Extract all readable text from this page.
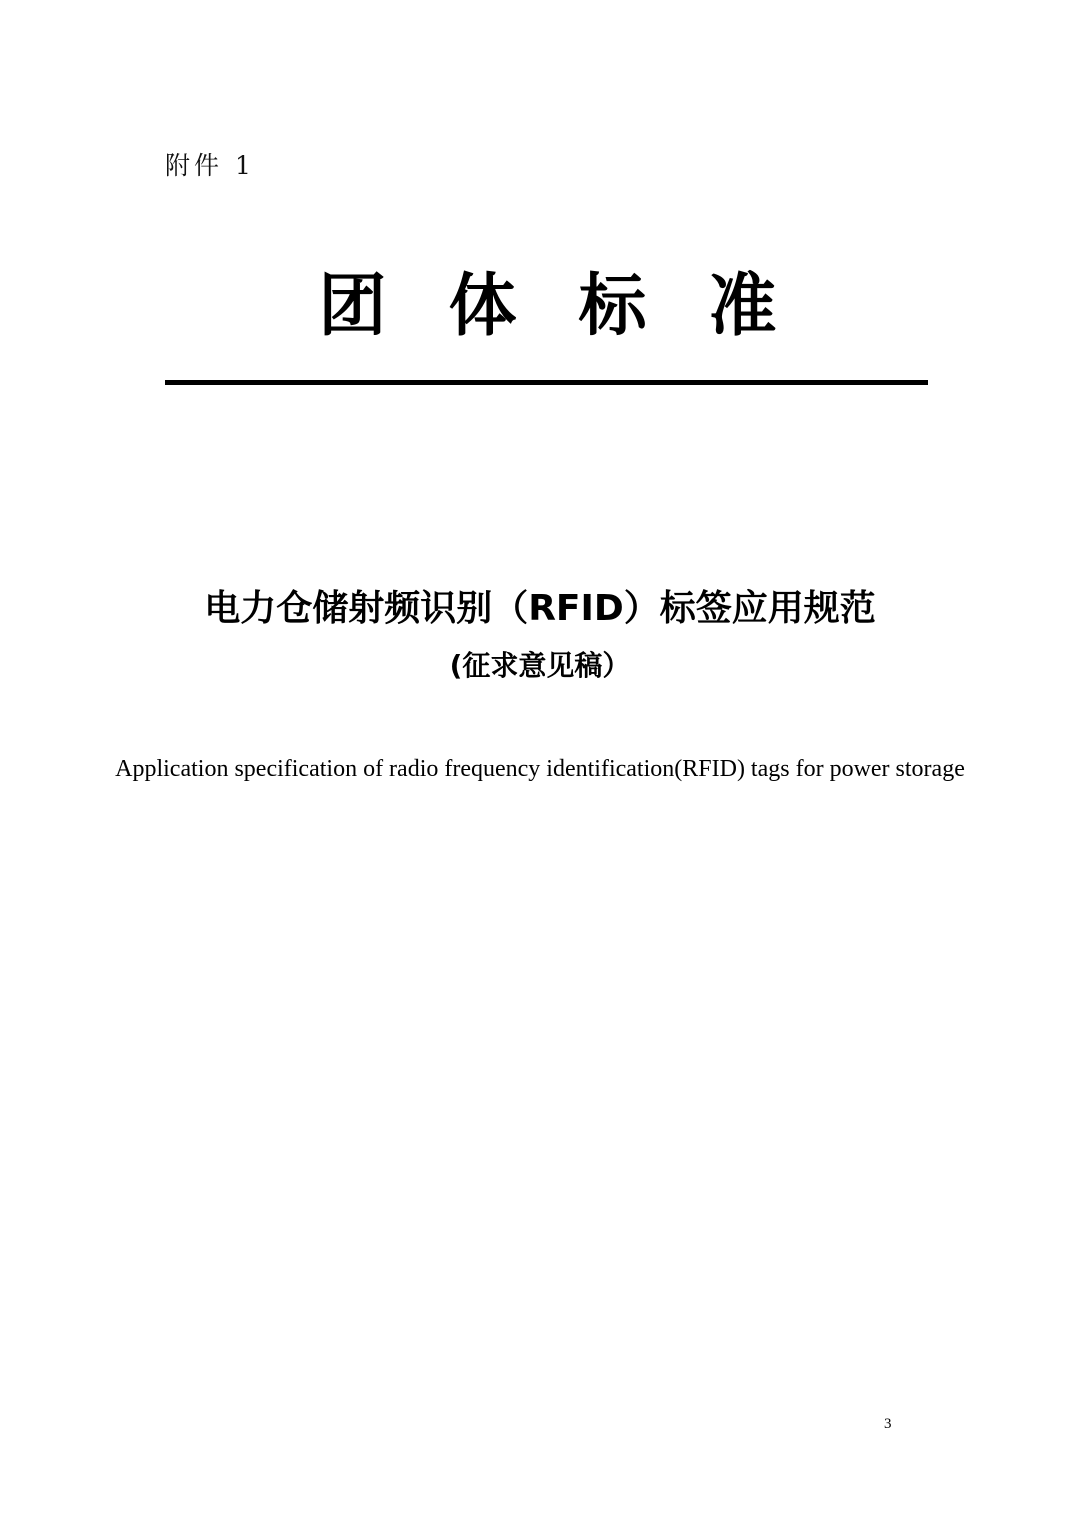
附件 1
团体标准
电力仓储射频识别（RFID）标签应用规范
(征求意见稿）
Application specification of radio frequency identification(RFID) tags for power storage
3
